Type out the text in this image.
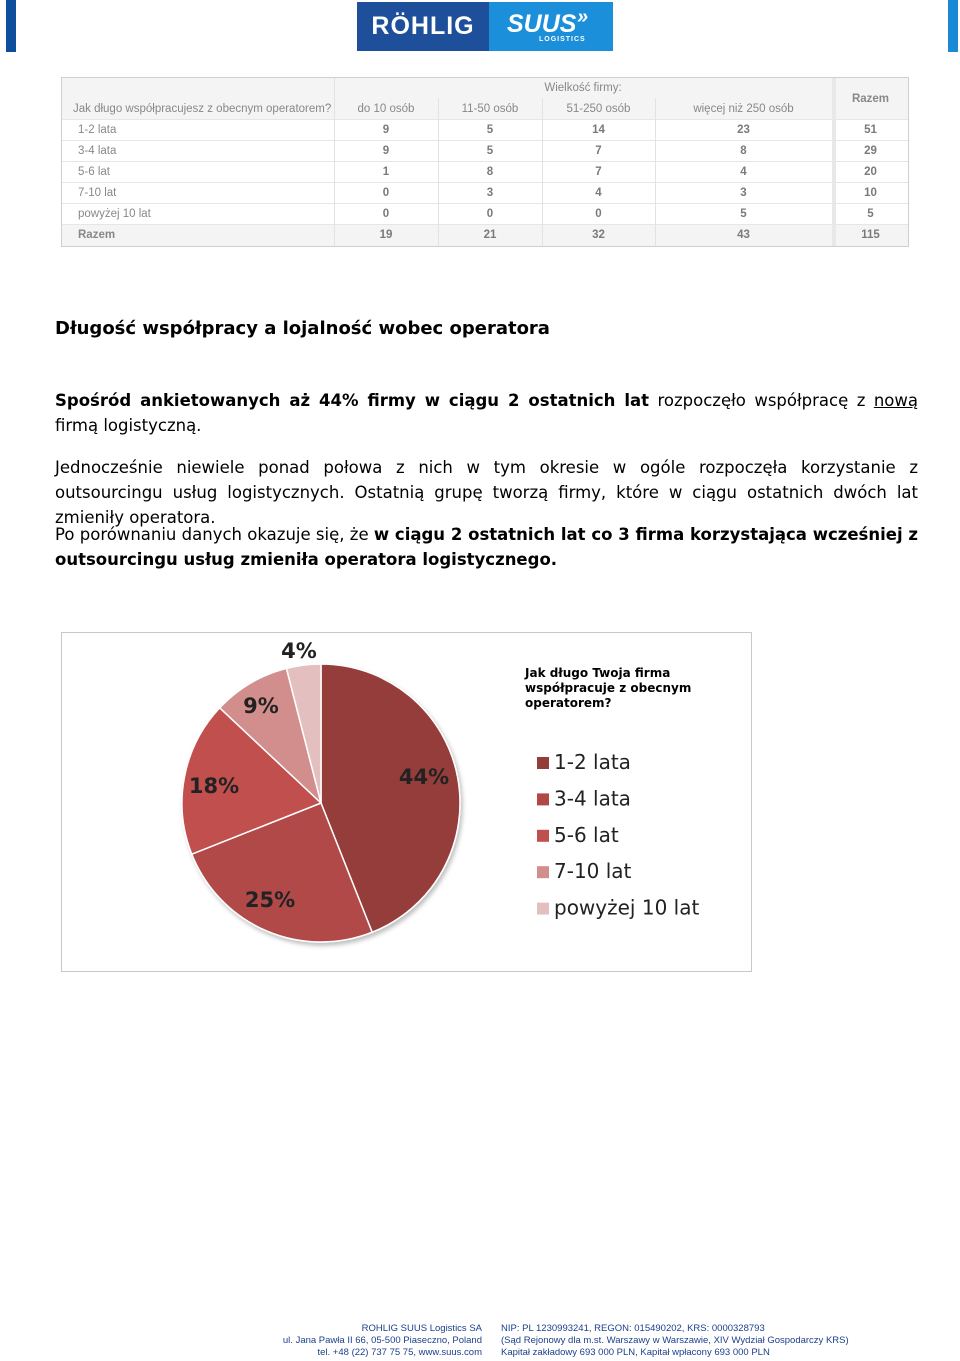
RÖHLIG	SUUS »
LOGISTICS
Wielkość firmy:
Razem
Jak długo współpracujesz z obecnym operatorem?	do 10 osób	11-50 osób	51-250 osób	więcej niż 250 osób
1-2 lata	9	5	14	23	51
3-4 lata	9	5	7	8	29
5-6 lat	1	8	7	4	20
7-10 lat	0	3	4	3	10
powyżej 10 lat	0	0	0	5	5
Razem	19	21	32	43	115
Długość współpracy a lojalność wobec operatora

Spośród ankietowanych aż 44% firmy w ciągu 2 ostatnich lat rozpoczęło współpracę z nową firmą logistyczną.

Jednocześnie niewiele ponad połowa z nich w tym okresie w ogóle rozpoczęła korzystanie z outsourcingu usług logistycznych. Ostatnią grupę tworzą firmy, które w ciągu ostatnich dwóch lat zmieniły operatora.

Po porównaniu danych okazuje się, że w ciągu 2 ostatnich lat co 3 firma korzystająca wcześniej z outsourcingu usług zmieniła operatora logistycznego.

44%
25%
18%
9%
4%
Jak długo Twoja firma
współpracuje z obecnym
operatorem?
1-2 lata
3-4 lata
5-6 lat
7-10 lat
powyżej 10 lat
ROHLIG SUUS Logistics SA
ul. Jana Pawła II 66, 05-500 Piaseczno, Poland
tel. +48 (22) 737 75 75, www.suus.com
NIP: PL 1230993241, REGON: 015490202, KRS: 0000328793
(Sąd Rejonowy dla m.st. Warszawy w Warszawie, XIV Wydział Gospodarczy KRS)
Kapitał zakładowy 693 000 PLN, Kapitał wpłacony 693 000 PLN
